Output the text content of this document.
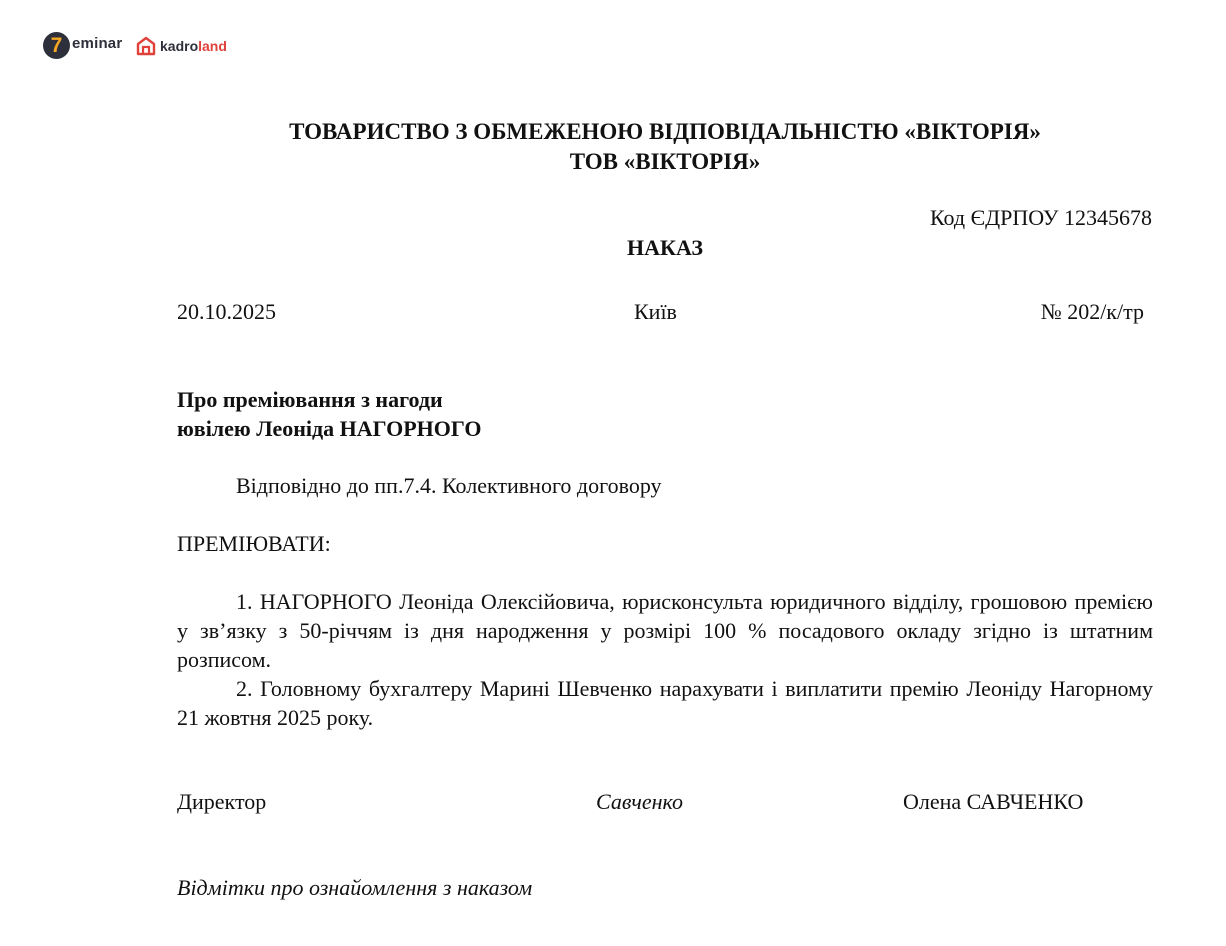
7 eminar	kadroland
ТОВАРИСТВО З ОБМЕЖЕНОЮ ВІДПОВІДАЛЬНІСТЮ «ВІКТОРІЯ»
ТОВ «ВІКТОРІЯ»
Код ЄДРПОУ 12345678
НАКАЗ
20.10.2025	Київ	№ 202/к/тр
Про преміювання з нагоди
ювілею Леоніда НАГОРНОГО
Відповідно до пп.7.4. Колективного договору
ПРЕМІЮВАТИ:

1. НАГОРНОГО Леоніда Олексійовича, юрисконсульта юридичного відділу, грошовою премією у зв’язку з 50-річчям із дня народження у розмірі 100 % посадового окладу згідно із штатним розписом.

2. Головному бухгалтеру Марині Шевченко нарахувати і виплатити премію Леоніду Нагорному 21 жовтня 2025 року.

Директор	Савченко	Олена САВЧЕНКО
Відмітки про ознайомлення з наказом
